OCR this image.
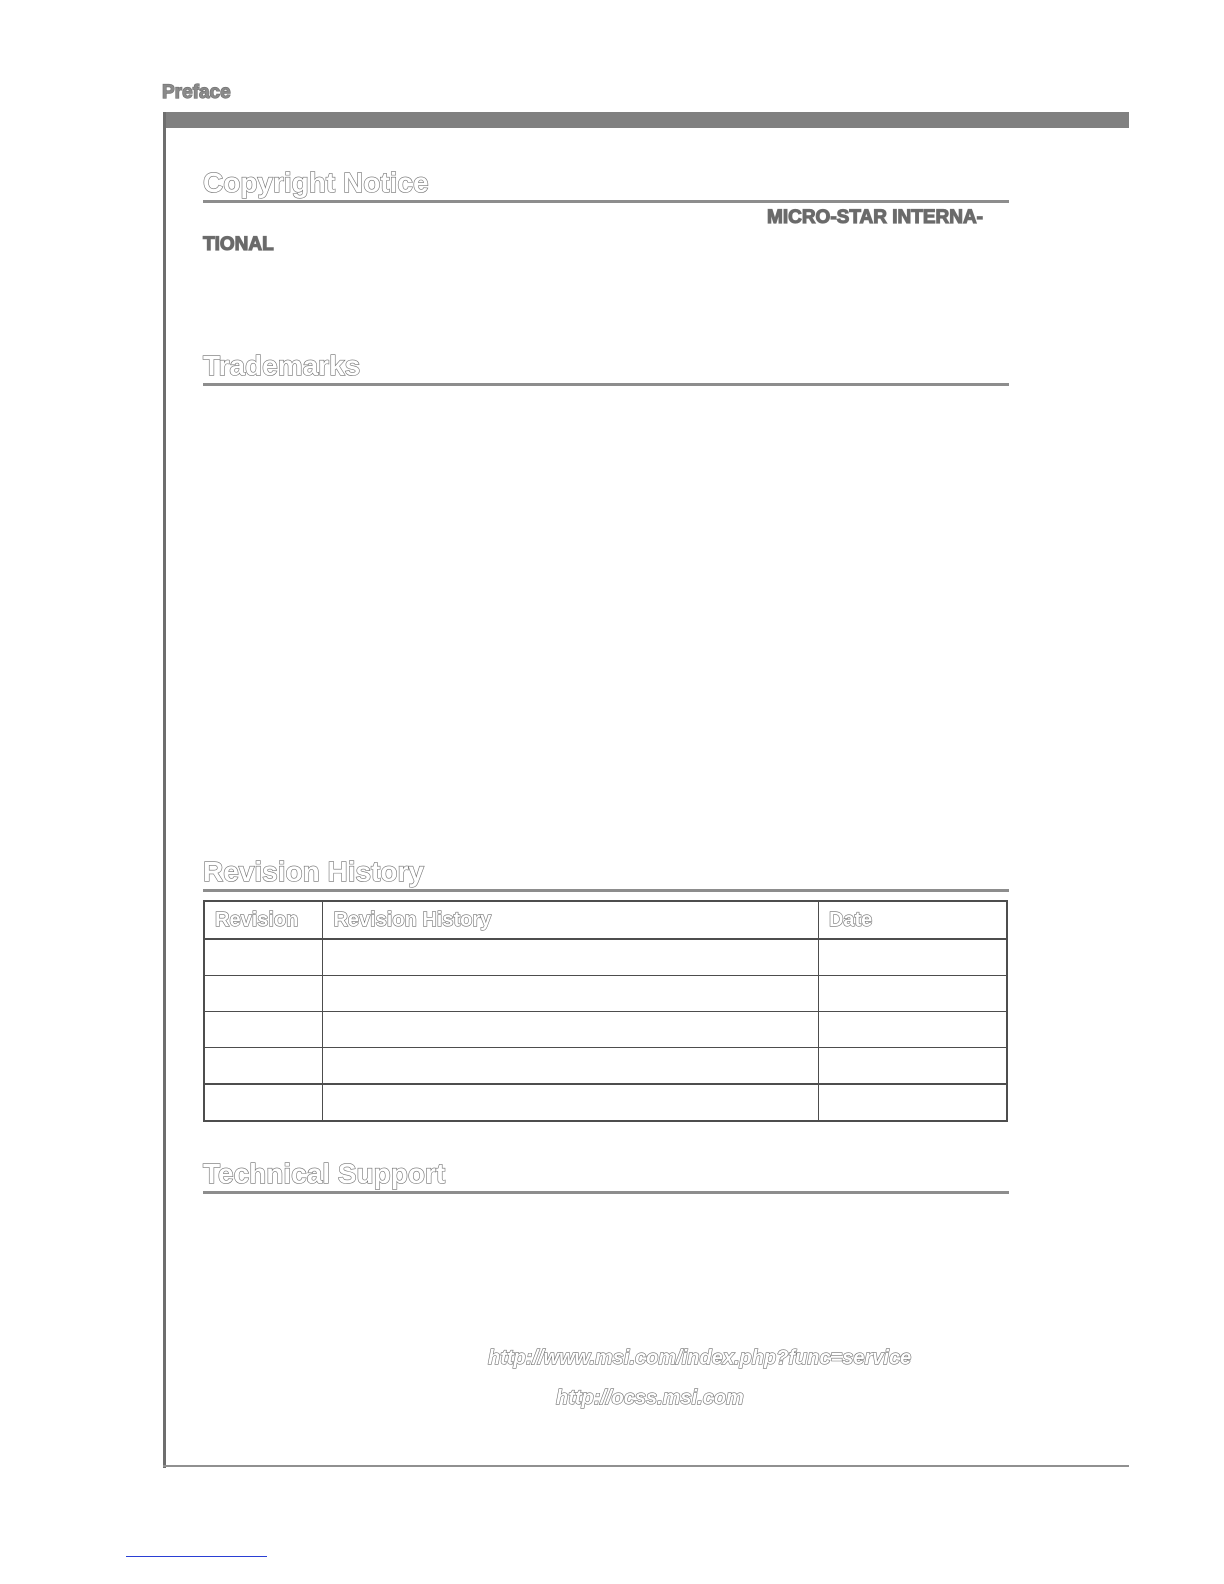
Preface
Copyright Notice
MICRO-STAR INTERNA-
TIONAL
Trademarks
Revision History
Revision	Revision History	Date

Technical Support
http://www.msi.com/index.php?func=service
http://ocss.msi.com
